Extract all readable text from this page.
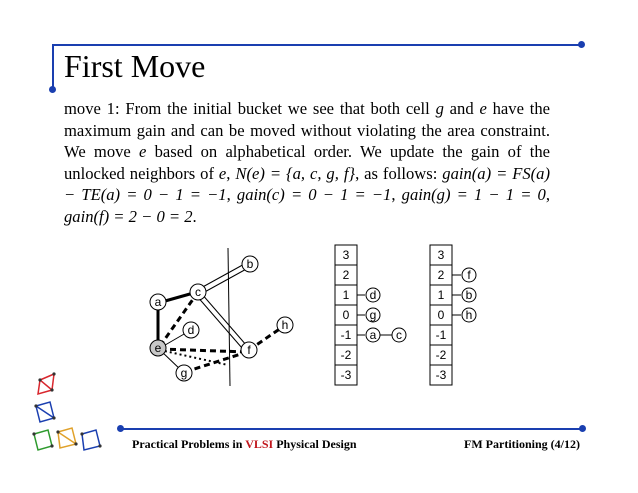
First Move
move 1: From the initial bucket we see that both cell g and e have the maximum gain and can be moved without violating the area constraint. We move e based on alphabetical order. We update the gain of the unlocked neighbors of e, N(e) = {a, c, g, f}, as follows: gain(a) = FS(a) − TE(a) = 0 − 1 = −1, gain(c) = 0 − 1 = −1, gain(g) = 1 − 1 = 0, gain(f) = 2 − 0 = 2.
a
b
c
d
e	f
g
h
3
2
1
0
-1
-2
-3
d
g
a c
3
2
1
0
-1
-2
-3
f
b
h
Practical Problems in VLSI Physical Design	FM Partitioning (4/12)
